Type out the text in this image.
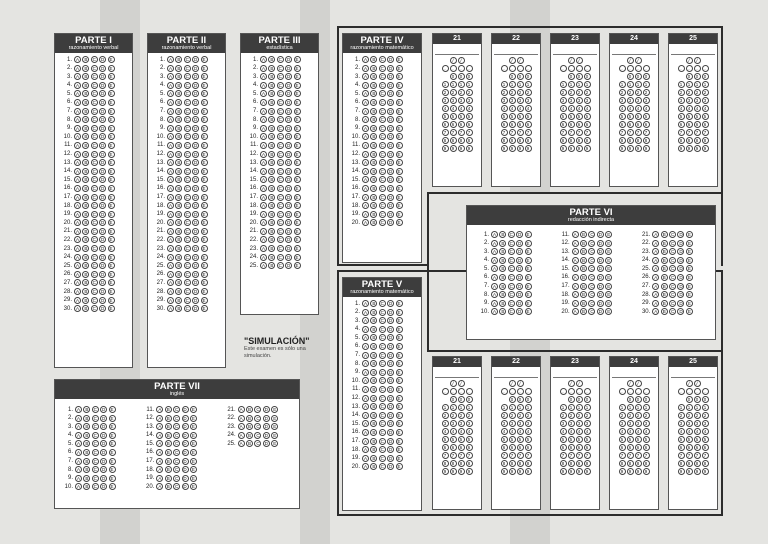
PARTE I
razonamiento verbal
1. A	B	C	D	E
2. A	B	C	D	E
3. A	B	C	D	E
4. A	B	C	D	E
5. A	B	C	D	E
6. A	B	C	D	E
7. A	B	C	D	E
8. A	B	C	D	E
9. A	B	C	D	E
10. A	B	C	D	E
11. A	B	C	D	E
12. A	B	C	D	E
13. A	B	C	D	E
14. A	B	C	D	E
15. A	B	C	D	E
16. A	B	C	D	E
17. A	B	C	D	E
18. A	B	C	D	E
19. A	B	C	D	E
20. A	B	C	D	E
21. A	B	C	D	E
22. A	B	C	D	E
23. A	B	C	D	E
24. A	B	C	D	E
25. A	B	C	D	E
26. A	B	C	D	E
27. A	B	C	D	E
28. A	B	C	D	E
29. A	B	C	D	E
30. A	B	C	D	E
PARTE II
razonamiento verbal
1. A	B	C	D	E
2. A	B	C	D	E
3. A	B	C	D	E
4. A	B	C	D	E
5. A	B	C	D	E
6. A	B	C	D	E
7. A	B	C	D	E
8. A	B	C	D	E
9. A	B	C	D	E
10. A	B	C	D	E
11. A	B	C	D	E
12. A	B	C	D	E
13. A	B	C	D	E
14. A	B	C	D	E
15. A	B	C	D	E
16. A	B	C	D	E
17. A	B	C	D	E
18. A	B	C	D	E
19. A	B	C	D	E
20. A	B	C	D	E
21. A	B	C	D	E
22. A	B	C	D	E
23. A	B	C	D	E
24. A	B	C	D	E
25. A	B	C	D	E
26. A	B	C	D	E
27. A	B	C	D	E
28. A	B	C	D	E
29. A	B	C	D	E
30. A	B	C	D	E
PARTE III
estadística
1. A	B	C	D	E
2. A	B	C	D	E
3. A	B	C	D	E
4. A	B	C	D	E
5. A	B	C	D	E
6. A	B	C	D	E
7. A	B	C	D	E
8. A	B	C	D	E
9. A	B	C	D	E
10. A	B	C	D	E
11. A	B	C	D	E
12. A	B	C	D	E
13. A	B	C	D	E
14. A	B	C	D	E
15. A	B	C	D	E
16. A	B	C	D	E
17. A	B	C	D	E
18. A	B	C	D	E
19. A	B	C	D	E
20. A	B	C	D	E
21. A	B	C	D	E
22. A	B	C	D	E
23. A	B	C	D	E
24. A	B	C	D	E
25. A	B	C	D	E
"SIMULACIÓN"
Este examen es sólo una simulación.
PARTE IV
razonamiento matemático
1. A	B	C	D	E
2. A	B	C	D	E
3. A	B	C	D	E
4. A	B	C	D	E
5. A	B	C	D	E
6. A	B	C	D	E
7. A	B	C	D	E
8. A	B	C	D	E
9. A	B	C	D	E
10. A	B	C	D	E
11. A	B	C	D	E
12. A	B	C	D	E
13. A	B	C	D	E
14. A	B	C	D	E
15. A	B	C	D	E
16. A	B	C	D	E
17. A	B	C	D	E
18. A	B	C	D	E
19. A	B	C	D	E
20. A	B	C	D	E
PARTE V
razonamiento matemático
1. A	B	C	D	E
2. A	B	C	D	E
3. A	B	C	D	E
4. A	B	C	D	E
5. A	B	C	D	E
6. A	B	C	D	E
7. A	B	C	D	E
8. A	B	C	D	E
9. A	B	C	D	E
10. A	B	C	D	E
11. A	B	C	D	E
12. A	B	C	D	E
13. A	B	C	D	E
14. A	B	C	D	E
15. A	B	C	D	E
16. A	B	C	D	E
17. A	B	C	D	E
18. A	B	C	D	E
19. A	B	C	D	E
20. A	B	C	D	E
PARTE VI
redacción indirecta
1. A	B	C	D	E
2. A	B	C	D	E
3. A	B	C	D	E
4. A	B	C	D	E
5. A	B	C	D	E
6. A	B	C	D	E
7. A	B	C	D	E
8. A	B	C	D	E
9. A	B	C	D	E
10. A	B	C	D	E
11. A	B	C	D	E
12. A	B	C	D	E
13. A	B	C	D	E
14. A	B	C	D	E
15. A	B	C	D	E
16. A	B	C	D	E
17. A	B	C	D	E
18. A	B	C	D	E
19. A	B	C	D	E
20. A	B	C	D	E
21. A	B	C	D	E
22. A	B	C	D	E
23. A	B	C	D	E
24. A	B	C	D	E
25. A	B	C	D	E
26. A	B	C	D	E
27. A	B	C	D	E
28. A	B	C	D	E
29. A	B	C	D	E
30. A	B	C	D	E
PARTE VII
inglés
1. A	B	C	D	E
2. A	B	C	D	E
3. A	B	C	D	E
4. A	B	C	D	E
5. A	B	C	D	E
6. A	B	C	D	E
7. A	B	C	D	E
8. A	B	C	D	E
9. A	B	C	D	E
10. A	B	C	D	E
11. A	B	C	D	E
12. A	B	C	D	E
13. A	B	C	D	E
14. A	B	C	D	E
15. A	B	C	D	E
16. A	B	C	D	E
17. A	B	C	D	E
18. A	B	C	D	E
19. A	B	C	D	E
20. A	B	C	D	E
21. A	B	C	D	E
22. A	B	C	D	E
23. A	B	C	D	E
24. A	B	C	D	E
25. A	B	C	D	E
21
/	/
.	.	.	.
0	0	0
1	1	1	1
2	2	2	2
3	3	3	3
4	4	4	4
5	5	5	5
6	6	6	6
7	7	7	7
8	8	8	8
9	9	9	9
22
/	/
.	.	.	.
0	0	0
1	1	1	1
2	2	2	2
3	3	3	3
4	4	4	4
5	5	5	5
6	6	6	6
7	7	7	7
8	8	8	8
9	9	9	9
23
/	/
.	.	.	.
0	0	0
1	1	1	1
2	2	2	2
3	3	3	3
4	4	4	4
5	5	5	5
6	6	6	6
7	7	7	7
8	8	8	8
9	9	9	9
24
/	/
.	.	.	.
0	0	0
1	1	1	1
2	2	2	2
3	3	3	3
4	4	4	4
5	5	5	5
6	6	6	6
7	7	7	7
8	8	8	8
9	9	9	9
25
/	/
.	.	.	.
0	0	0
1	1	1	1
2	2	2	2
3	3	3	3
4	4	4	4
5	5	5	5
6	6	6	6
7	7	7	7
8	8	8	8
9	9	9	9
21
/	/
.	.	.	.
0	0	0
1	1	1	1
2	2	2	2
3	3	3	3
4	4	4	4
5	5	5	5
6	6	6	6
7	7	7	7
8	8	8	8
9	9	9	9
22
/	/
.	.	.	.
0	0	0
1	1	1	1
2	2	2	2
3	3	3	3
4	4	4	4
5	5	5	5
6	6	6	6
7	7	7	7
8	8	8	8
9	9	9	9
23
/	/
.	.	.	.
0	0	0
1	1	1	1
2	2	2	2
3	3	3	3
4	4	4	4
5	5	5	5
6	6	6	6
7	7	7	7
8	8	8	8
9	9	9	9
24
/	/
.	.	.	.
0	0	0
1	1	1	1
2	2	2	2
3	3	3	3
4	4	4	4
5	5	5	5
6	6	6	6
7	7	7	7
8	8	8	8
9	9	9	9
25
/	/
.	.	.	.
0	0	0
1	1	1	1
2	2	2	2
3	3	3	3
4	4	4	4
5	5	5	5
6	6	6	6
7	7	7	7
8	8	8	8
9	9	9	9
